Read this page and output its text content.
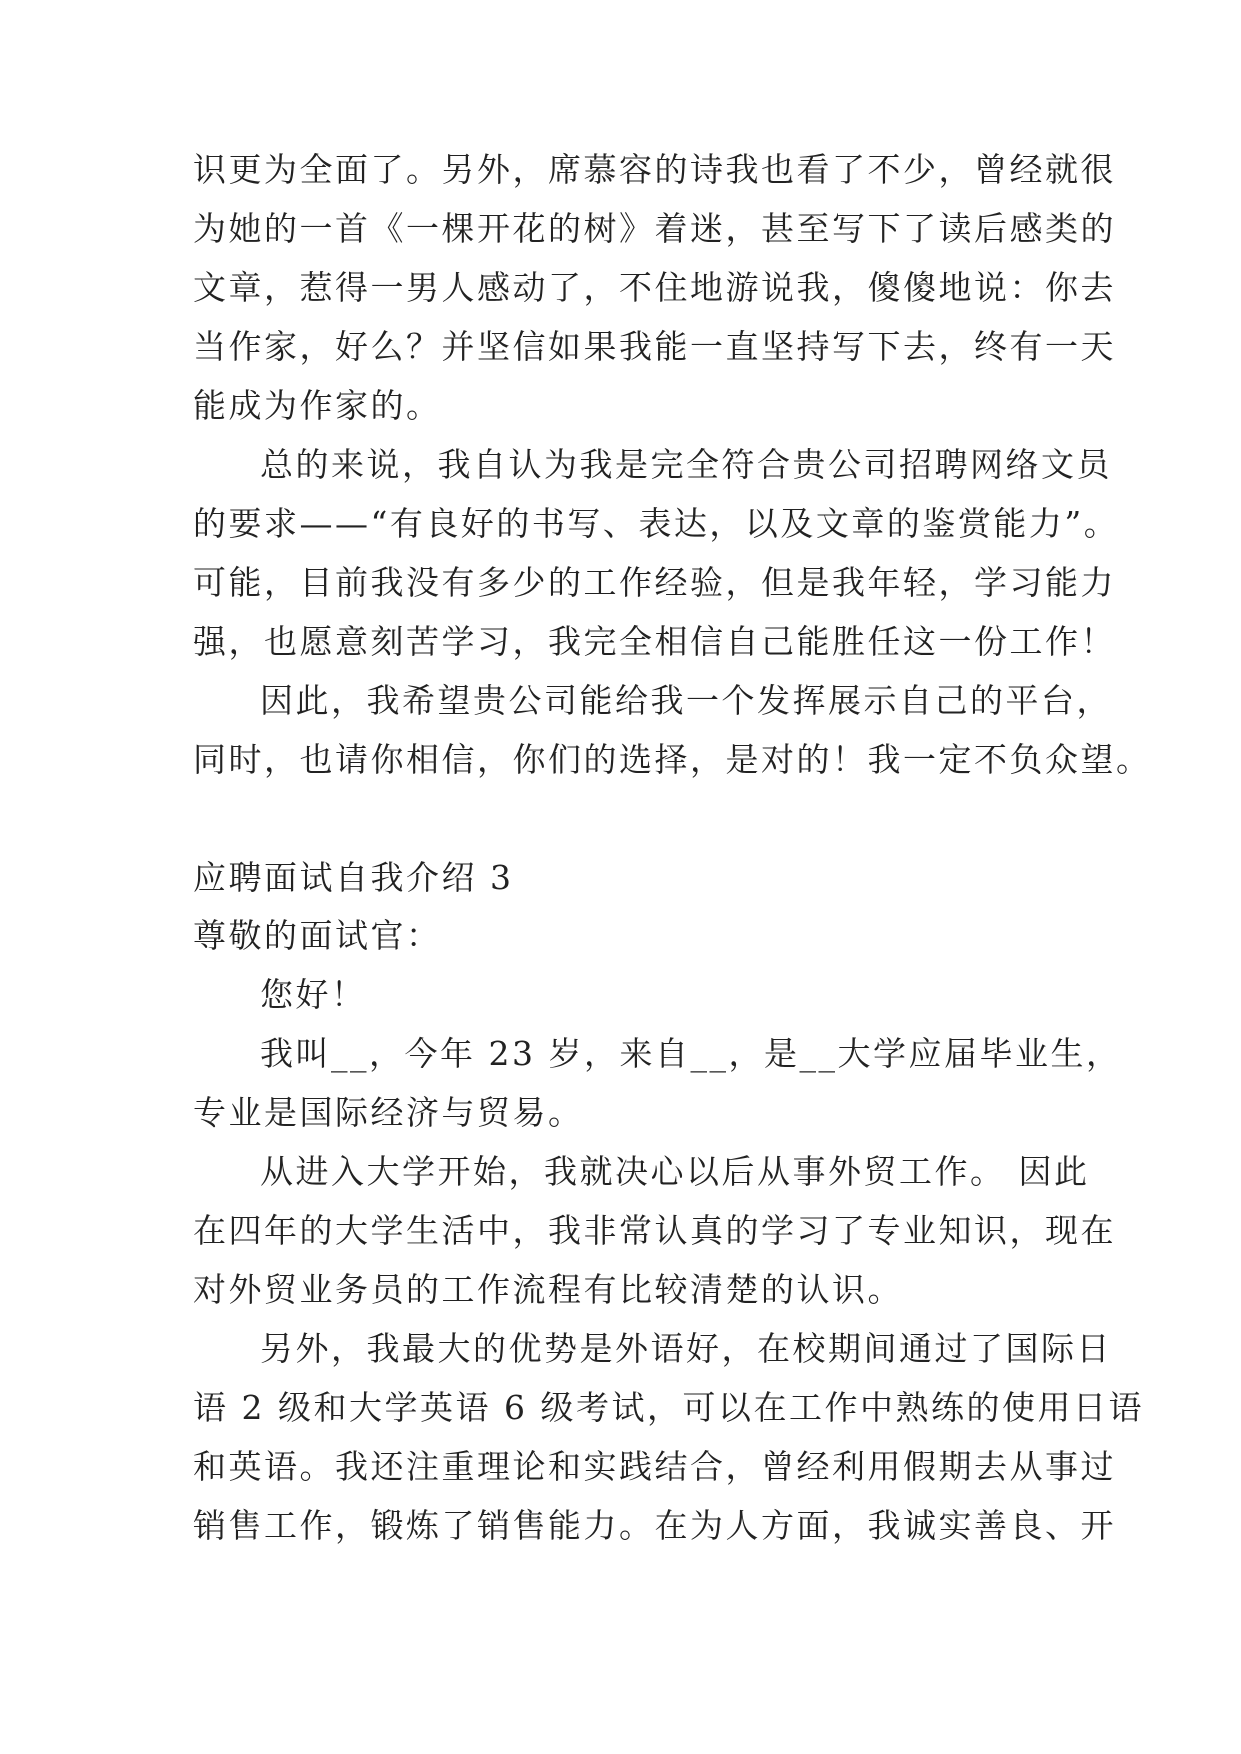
识更为全面了。另外，席慕容的诗我也看了不少，曾经就很
为她的一首《一棵开花的树》着迷，甚至写下了读后感类的
文章，惹得一男人感动了，不住地游说我，傻傻地说：你去
当作家，好么？并坚信如果我能一直坚持写下去，终有一天
能成为作家的。
总的来说，我自认为我是完全符合贵公司招聘网络文员
的要求——“有良好的书写、表达，以及文章的鉴赏能力”。
可能，目前我没有多少的工作经验，但是我年轻，学习能力
强，也愿意刻苦学习，我完全相信自己能胜任这一份工作！
因此，我希望贵公司能给我一个发挥展示自己的平台，
同时，也请你相信，你们的选择，是对的！我一定不负众望。
应聘面试自我介绍 3
尊敬的面试官：
您好！
我叫__，今年 23 岁，来自__，是__大学应届毕业生，
专业是国际经济与贸易。
从进入大学开始，我就决心以后从事外贸工作。 因此
在四年的大学生活中，我非常认真的学习了专业知识，现在
对外贸业务员的工作流程有比较清楚的认识。
另外，我最大的优势是外语好，在校期间通过了国际日
语 2 级和大学英语 6 级考试，可以在工作中熟练的使用日语
和英语。我还注重理论和实践结合，曾经利用假期去从事过
销售工作，锻炼了销售能力。在为人方面，我诚实善良、开
